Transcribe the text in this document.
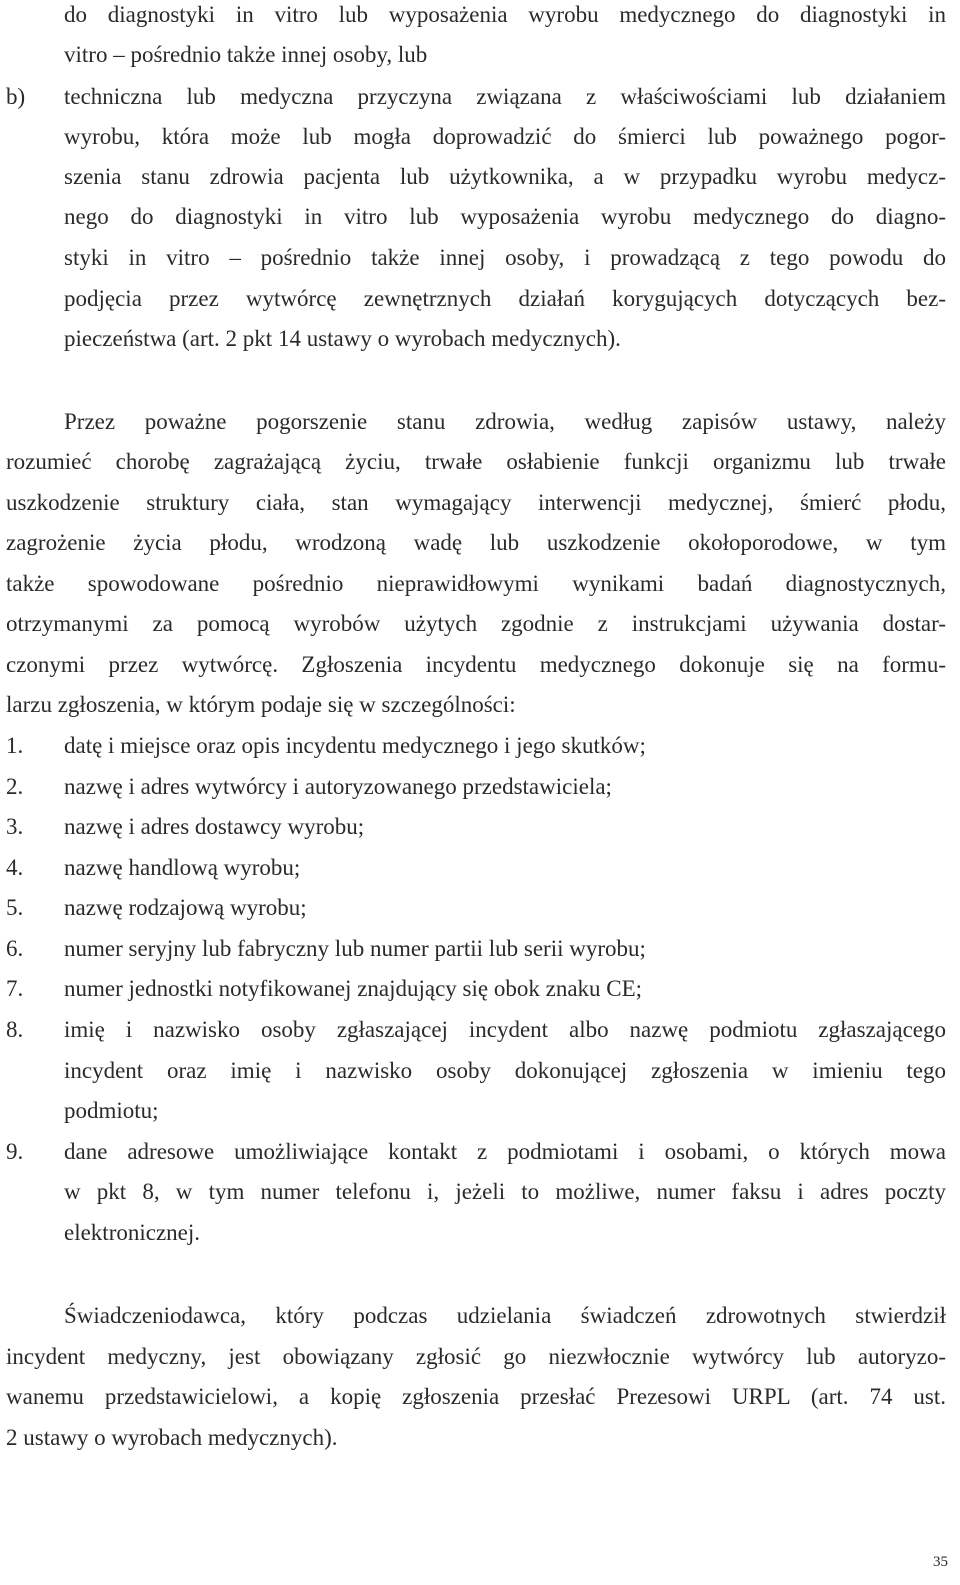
do diagnostyki in vitro lub wyposażenia wyrobu medycznego do diagnostyki in
vitro – pośrednio także innej osoby, lub
b) techniczna lub medyczna przyczyna związana z właściwościami lub działaniem
wyrobu, która może lub mogła doprowadzić do śmierci lub poważnego pogor-
szenia stanu zdrowia pacjenta lub użytkownika, a w przypadku wyrobu medycz-
nego do diagnostyki in vitro lub wyposażenia wyrobu medycznego do diagno-
styki in vitro – pośrednio także innej osoby, i prowadzącą z tego powodu do
podjęcia przez wytwórcę zewnętrznych działań korygujących dotyczących bez-
pieczeństwa (art. 2 pkt 14 ustawy o wyrobach medycznych).
Przez poważne pogorszenie stanu zdrowia, według zapisów ustawy, należy
rozumieć chorobę zagrażającą życiu, trwałe osłabienie funkcji organizmu lub trwałe
uszkodzenie struktury ciała, stan wymagający interwencji medycznej, śmierć płodu,
zagrożenie życia płodu, wrodzoną wadę lub uszkodzenie okołoporodowe, w tym
także spowodowane pośrednio nieprawidłowymi wynikami badań diagnostycznych,
otrzymanymi za pomocą wyrobów użytych zgodnie z instrukcjami używania dostar-
czonymi przez wytwórcę. Zgłoszenia incydentu medycznego dokonuje się na formu-
larzu zgłoszenia, w którym podaje się w szczególności:
1. datę i miejsce oraz opis incydentu medycznego i jego skutków;
2. nazwę i adres wytwórcy i autoryzowanego przedstawiciela;
3. nazwę i adres dostawcy wyrobu;
4. nazwę handlową wyrobu;
5. nazwę rodzajową wyrobu;
6. numer seryjny lub fabryczny lub numer partii lub serii wyrobu;
7. numer jednostki notyfikowanej znajdujący się obok znaku CE;
8. imię i nazwisko osoby zgłaszającej incydent albo nazwę podmiotu zgłaszającego
incydent oraz imię i nazwisko osoby dokonującej zgłoszenia w imieniu tego
podmiotu;
9. dane adresowe umożliwiające kontakt z podmiotami i osobami, o których mowa
w pkt 8, w tym numer telefonu i, jeżeli to możliwe, numer faksu i adres poczty
elektronicznej.
Świadczeniodawca, który podczas udzielania świadczeń zdrowotnych stwierdził
incydent medyczny, jest obowiązany zgłosić go niezwłocznie wytwórcy lub autoryzo-
wanemu przedstawicielowi, a kopię zgłoszenia przesłać Prezesowi URPL (art. 74 ust.
2 ustawy o wyrobach medycznych).
35
